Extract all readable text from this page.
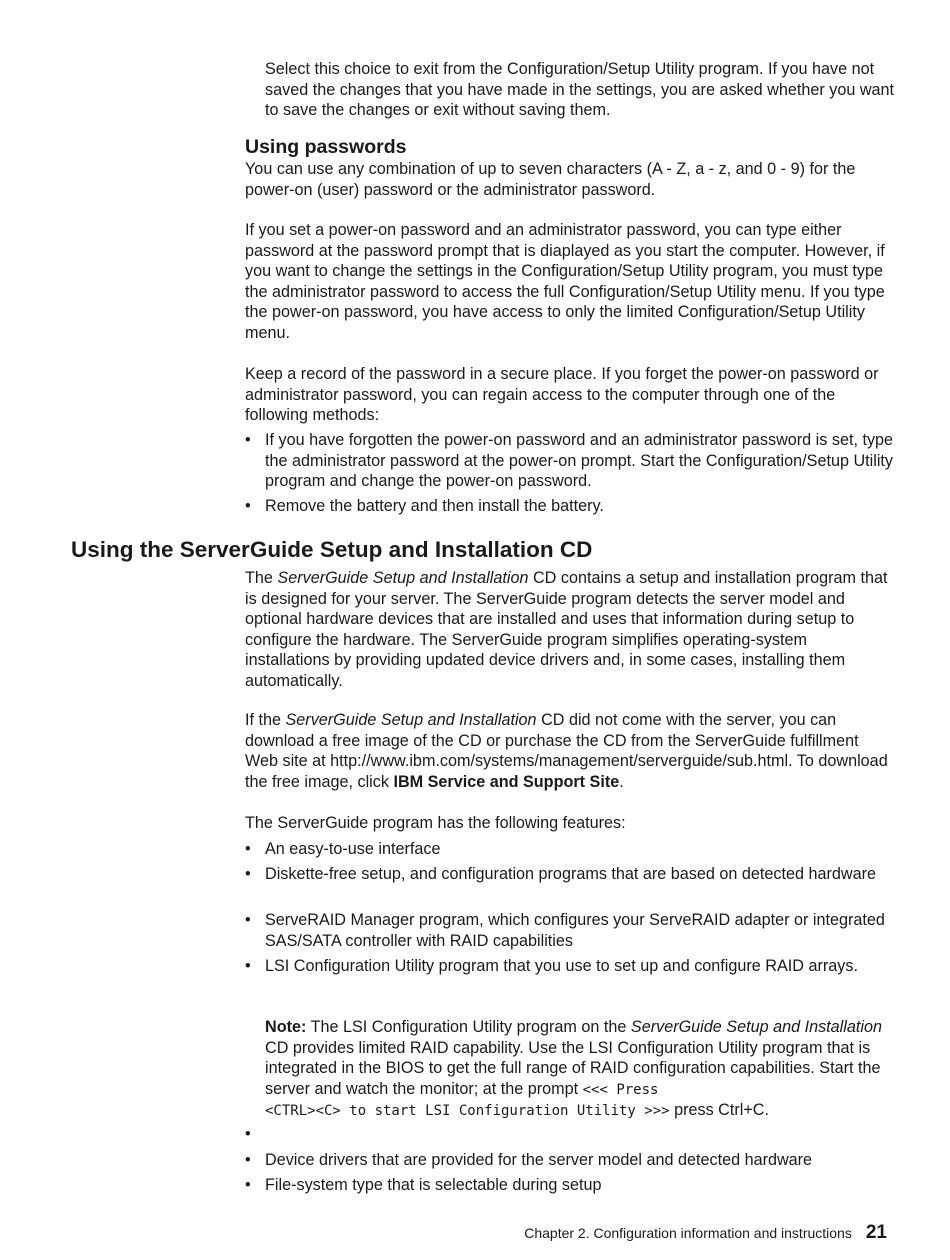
Select this choice to exit from the Configuration/Setup Utility program. If you have not saved the changes that you have made in the settings, you are asked whether you want to save the changes or exit without saving them.

Using passwords

You can use any combination of up to seven characters (A - Z, a - z, and 0 - 9) for the power-on (user) password or the administrator password.

If you set a power-on password and an administrator password, you can type either password at the password prompt that is diaplayed as you start the computer. However, if you want to change the settings in the Configuration/Setup Utility program, you must type the administrator password to access the full Configuration/Setup Utility menu. If you type the power-on password, you have access to only the limited Configuration/Setup Utility menu.

Keep a record of the password in a secure place. If you forget the power-on password or administrator password, you can regain access to the computer through one of the following methods:

• If you have forgotten the power-on password and an administrator password is set, type the administrator password at the power-on prompt. Start the Configuration/Setup Utility program and change the power-on password.

• Remove the battery and then install the battery.

Using the ServerGuide Setup and Installation CD

The ServerGuide Setup and Installation CD contains a setup and installation program that is designed for your server. The ServerGuide program detects the server model and optional hardware devices that are installed and uses that information during setup to configure the hardware. The ServerGuide program simplifies operating-system installations by providing updated device drivers and, in some cases, installing them automatically.

If the ServerGuide Setup and Installation CD did not come with the server, you can download a free image of the CD or purchase the CD from the ServerGuide fulfillment Web site at http://www.ibm.com/systems/management/serverguide/sub.html. To download the free image, click IBM Service and Support Site.

The ServerGuide program has the following features:

• An easy-to-use interface

• Diskette-free setup, and configuration programs that are based on detected hardware

• ServeRAID Manager program, which configures your ServeRAID adapter or integrated SAS/SATA controller with RAID capabilities

• LSI Configuration Utility program that you use to set up and configure RAID arrays.

Note: The LSI Configuration Utility program on the ServerGuide Setup and Installation CD provides limited RAID capability. Use the LSI Configuration Utility program that is integrated in the BIOS to get the full range of RAID configuration capabilities. Start the server and watch the monitor; at the prompt <<< Press
<CTRL><C> to start LSI Configuration Utility >>> press Ctrl+C.

•

• Device drivers that are provided for the server model and detected hardware

• File-system type that is selectable during setup

Chapter 2. Configuration information and instructions 21
